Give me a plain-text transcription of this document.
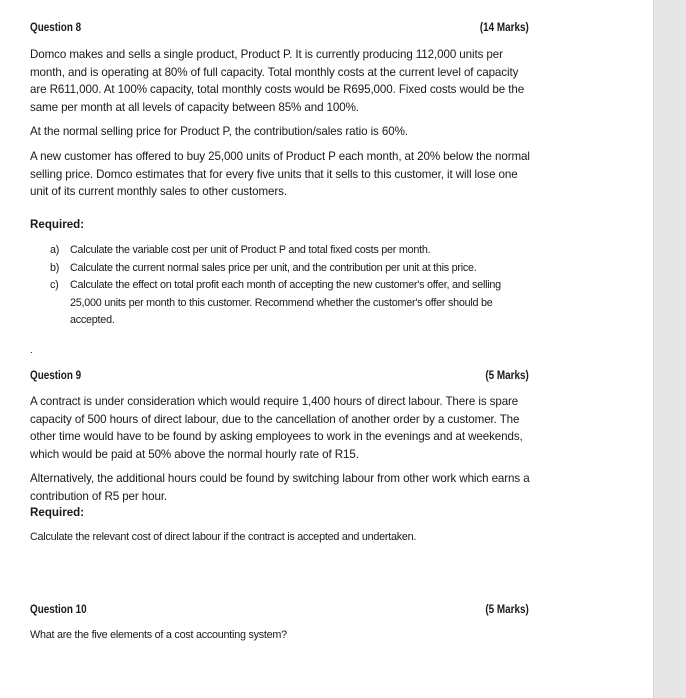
Question 8	(14 Marks)

Domco makes and sells a single product, Product P. It is currently producing 112,000 units per month, and is operating at 80% of full capacity. Total monthly costs at the current level of capacity are R611,000. At 100% capacity, total monthly costs would be R695,000. Fixed costs would be the same per month at all levels of capacity between 85% and 100%.

At the normal selling price for Product P, the contribution/sales ratio is 60%.

A new customer has offered to buy 25,000 units of Product P each month, at 20% below the normal selling price. Domco estimates that for every five units that it sells to this customer, it will lose one unit of its current monthly sales to other customers.

Required:
a)	Calculate the variable cost per unit of Product P and total fixed costs per month.
b)	Calculate the current normal sales price per unit, and the contribution per unit at this price.
c)	Calculate the effect on total profit each month of accepting the new customer's offer, and selling 25,000 units per month to this customer. Recommend whether the customer's offer should be accepted.
.
Question 9	(5 Marks)

A contract is under consideration which would require 1,400 hours of direct labour. There is spare capacity of 500 hours of direct labour, due to the cancellation of another order by a customer. The other time would have to be found by asking employees to work in the evenings and at weekends, which would be paid at 50% above the normal hourly rate of R15.

Alternatively, the additional hours could be found by switching labour from other work which earns a contribution of R5 per hour.

Required:
Calculate the relevant cost of direct labour if the contract is accepted and undertaken.
Question 10	(5 Marks)
What are the five elements of a cost accounting system?
